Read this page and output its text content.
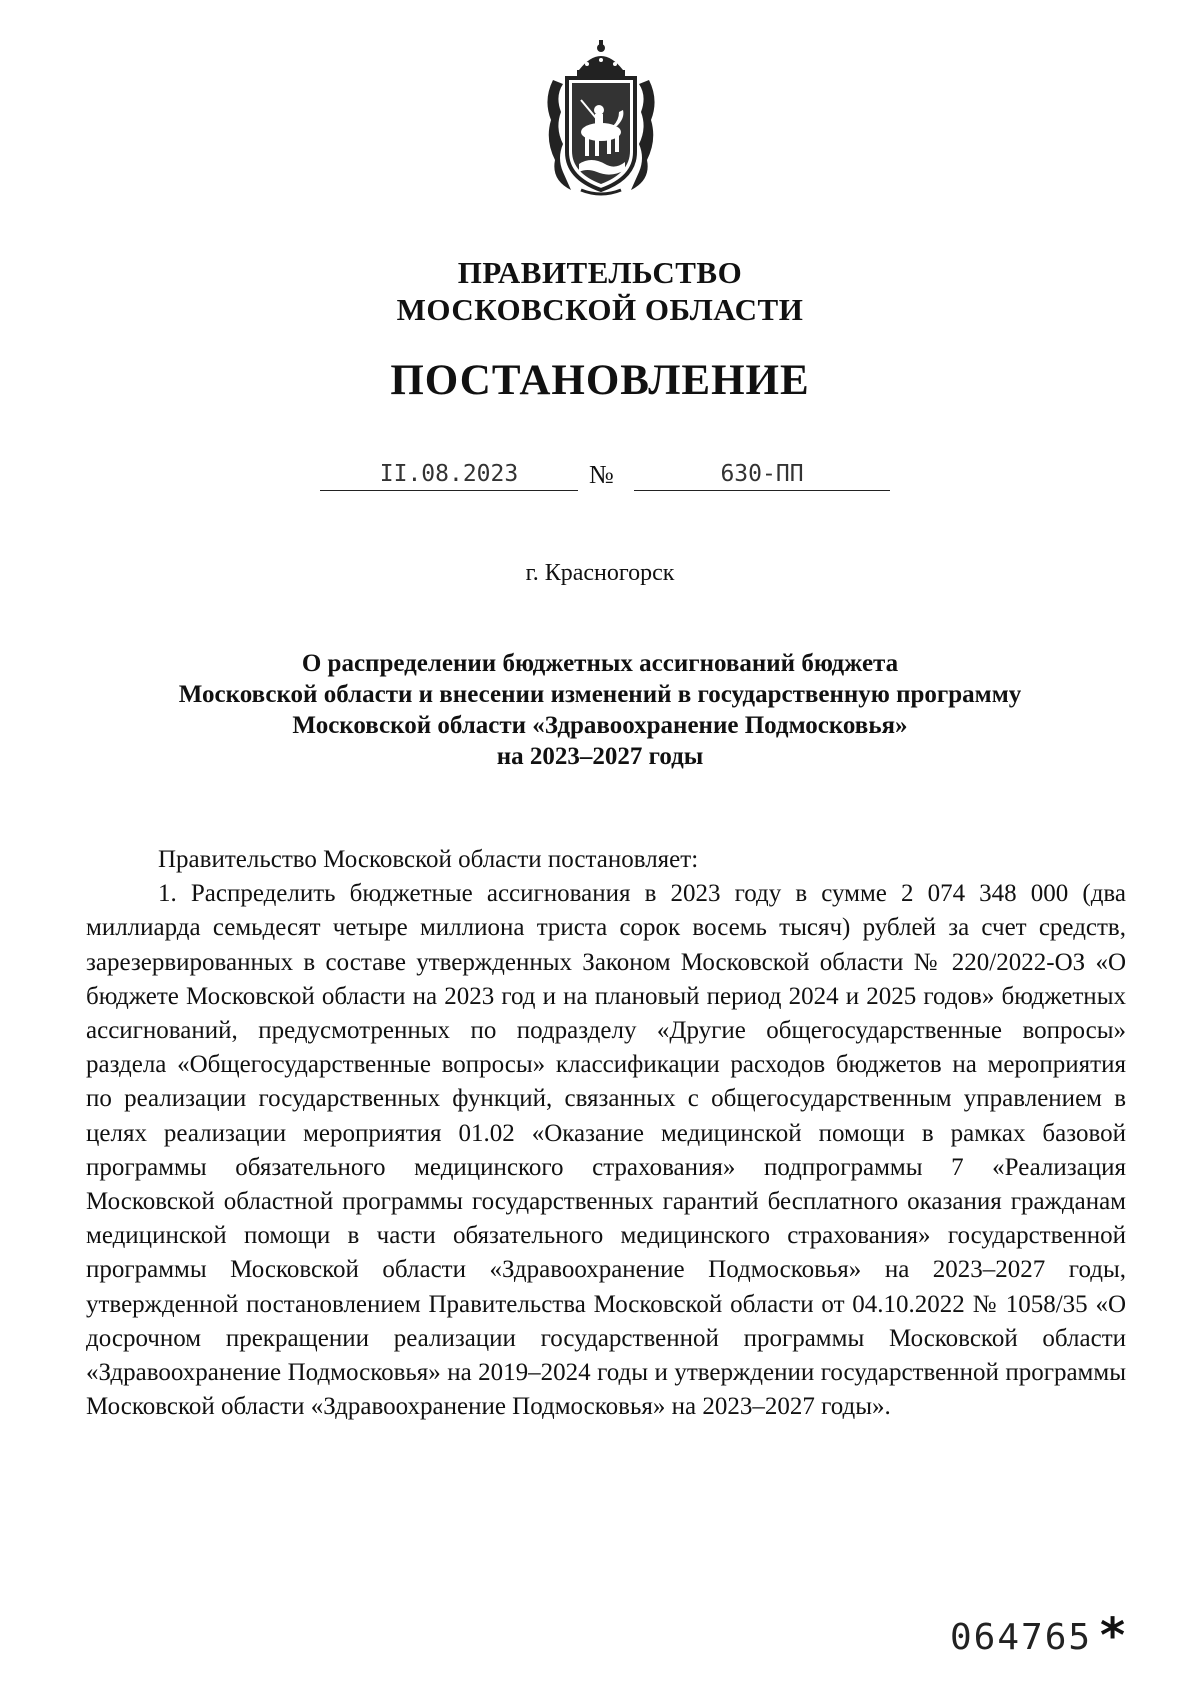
ПРАВИТЕЛЬСТВО
МОСКОВСКОЙ ОБЛАСТИ
ПОСТАНОВЛЕНИЕ
II.08.2023	№	630-ПП
г. Красногорск
О распределении бюджетных ассигнований бюджета
Московской области и внесении изменений в государственную программу
Московской области «Здравоохранение Подмосковья»
на 2023–2027 годы
Правительство Московской области постановляет:

1. Распределить бюджетные ассигнования в 2023 году в сумме 2 074 348 000 (два миллиарда семьдесят четыре миллиона триста сорок восемь тысяч) рублей за счет средств, зарезервированных в составе утвержденных Законом Московской области № 220/2022-ОЗ «О бюджете Московской области на 2023 год и на плановый период 2024 и 2025 годов» бюджетных ассигнований, предусмотренных по подразделу «Другие общегосударственные вопросы» раздела «Общегосударственные вопросы» классификации расходов бюджетов на мероприятия по реализации государственных функций, связанных с общегосударственным управлением в целях реализации мероприятия 01.02 «Оказание медицинской помощи в рамках базовой программы обязательного медицинского страхования» подпрограммы 7 «Реализация Московской областной программы государственных гарантий бесплатного оказания гражданам медицинской помощи в части обязательного медицинского страхования» государственной программы Московской области «Здравоохранение Подмосковья» на 2023–2027 годы, утвержденной постановлением Правительства Московской области от 04.10.2022 № 1058/35 «О досрочном прекращении реализации государственной программы Московской области «Здравоохранение Подмосковья» на 2019–2024 годы и утверждении государственной программы Московской области «Здравоохранение Подмосковья» на 2023–2027 годы».

064765 *
